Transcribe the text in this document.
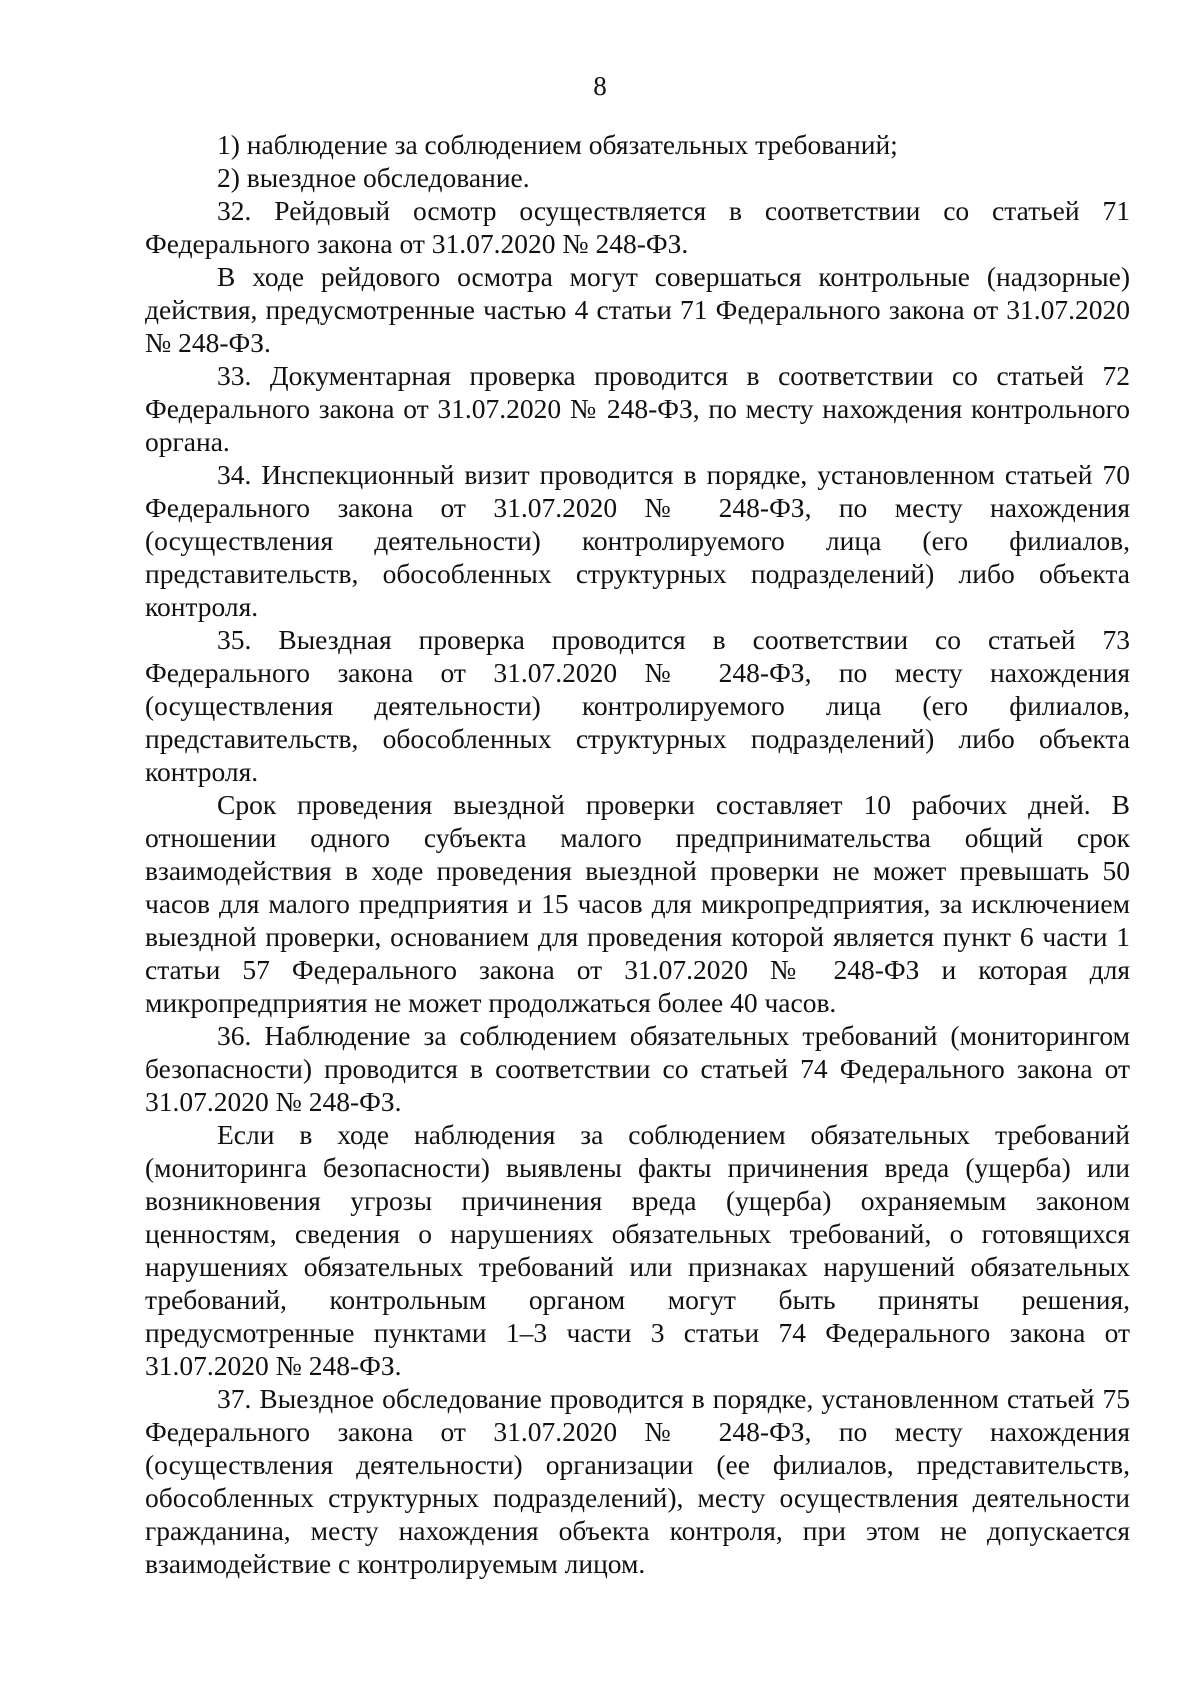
8

1) наблюдение за соблюдением обязательных требований;

2) выездное обследование.

32. Рейдовый осмотр осуществляется в соответствии со статьей 71 Федерального закона от 31.07.2020 № 248-ФЗ.

В ходе рейдового осмотра могут совершаться контрольные (надзорные) действия, предусмотренные частью 4 статьи 71 Федерального закона от 31.07.2020 № 248-ФЗ.

33. Документарная проверка проводится в соответствии со статьей 72 Федерального закона от 31.07.2020 № 248-ФЗ, по месту нахождения контрольного органа.

34. Инспекционный визит проводится в порядке, установленном статьей 70 Федерального закона от 31.07.2020 № 248-ФЗ, по месту нахождения (осуществления деятельности) контролируемого лица (его филиалов, представительств, обособленных структурных подразделений) либо объекта контроля.

35. Выездная проверка проводится в соответствии со статьей 73 Федерального закона от 31.07.2020 № 248-ФЗ, по месту нахождения (осуществления деятельности) контролируемого лица (его филиалов, представительств, обособленных структурных подразделений) либо объекта контроля.

Срок проведения выездной проверки составляет 10 рабочих дней. В отношении одного субъекта малого предпринимательства общий срок взаимодействия в ходе проведения выездной проверки не может превышать 50 часов для малого предприятия и 15 часов для микропредприятия, за исключением выездной проверки, основанием для проведения которой является пункт 6 части 1 статьи 57 Федерального закона от 31.07.2020 № 248-ФЗ и которая для микропредприятия не может продолжаться более 40 часов.

36. Наблюдение за соблюдением обязательных требований (мониторингом безопасности) проводится в соответствии со статьей 74 Федерального закона от 31.07.2020 № 248-ФЗ.

Если в ходе наблюдения за соблюдением обязательных требований (мониторинга безопасности) выявлены факты причинения вреда (ущерба) или возникновения угрозы причинения вреда (ущерба) охраняемым законом ценностям, сведения о нарушениях обязательных требований, о готовящихся нарушениях обязательных требований или признаках нарушений обязательных требований, контрольным органом могут быть приняты решения, предусмотренные пунктами 1–3 части 3 статьи 74 Федерального закона от 31.07.2020 № 248-ФЗ.

37. Выездное обследование проводится в порядке, установленном статьей 75 Федерального закона от 31.07.2020 № 248-ФЗ, по месту нахождения (осуществления деятельности) организации (ее филиалов, представительств, обособленных структурных подразделений), месту осуществления деятельности гражданина, месту нахождения объекта контроля, при этом не допускается взаимодействие с контролируемым лицом.
